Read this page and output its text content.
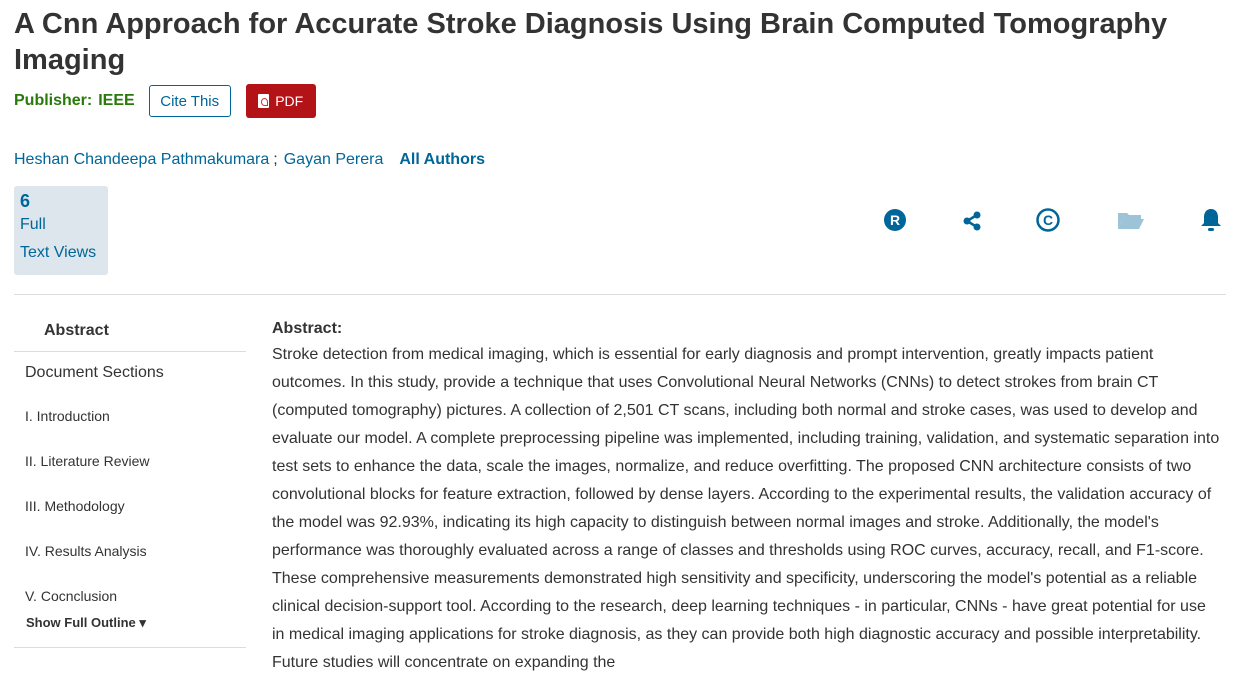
A Cnn Approach for Accurate Stroke Diagnosis Using Brain Computed Tomography Imaging
Publisher: IEEE	Cite This	PDF
Heshan Chandeepa Pathmakumara ; Gayan Perera All Authors
6
Full
Text Views
R	C
Abstract
Document Sections
I. Introduction
II. Literature Review
III. Methodology
IV. Results Analysis
V. Cocnclusion
Show Full Outline ▾
Abstract:
Stroke detection from medical imaging, which is essential for early diagnosis and prompt intervention, greatly impacts patient outcomes. In this study, provide a technique that uses Convolutional Neural Networks (CNNs) to detect strokes from brain CT (computed tomography) pictures. A collection of 2,501 CT scans, including both normal and stroke cases, was used to develop and evaluate our model. A complete preprocessing pipeline was implemented, including training, validation, and systematic separation into test sets to enhance the data, scale the images, normalize, and reduce overfitting. The proposed CNN architecture consists of two convolutional blocks for feature extraction, followed by dense layers. According to the experimental results, the validation accuracy of the model was 92.93%, indicating its high capacity to distinguish between normal images and stroke. Additionally, the model's performance was thoroughly evaluated across a range of classes and thresholds using ROC curves, accuracy, recall, and F1-score. These comprehensive measurements demonstrated high sensitivity and specificity, underscoring the model's potential as a reliable clinical decision-support tool. According to the research, deep learning techniques - in particular, CNNs - have great potential for use in medical imaging applications for stroke diagnosis, as they can provide both high diagnostic accuracy and possible interpretability. Future studies will concentrate on expanding the
